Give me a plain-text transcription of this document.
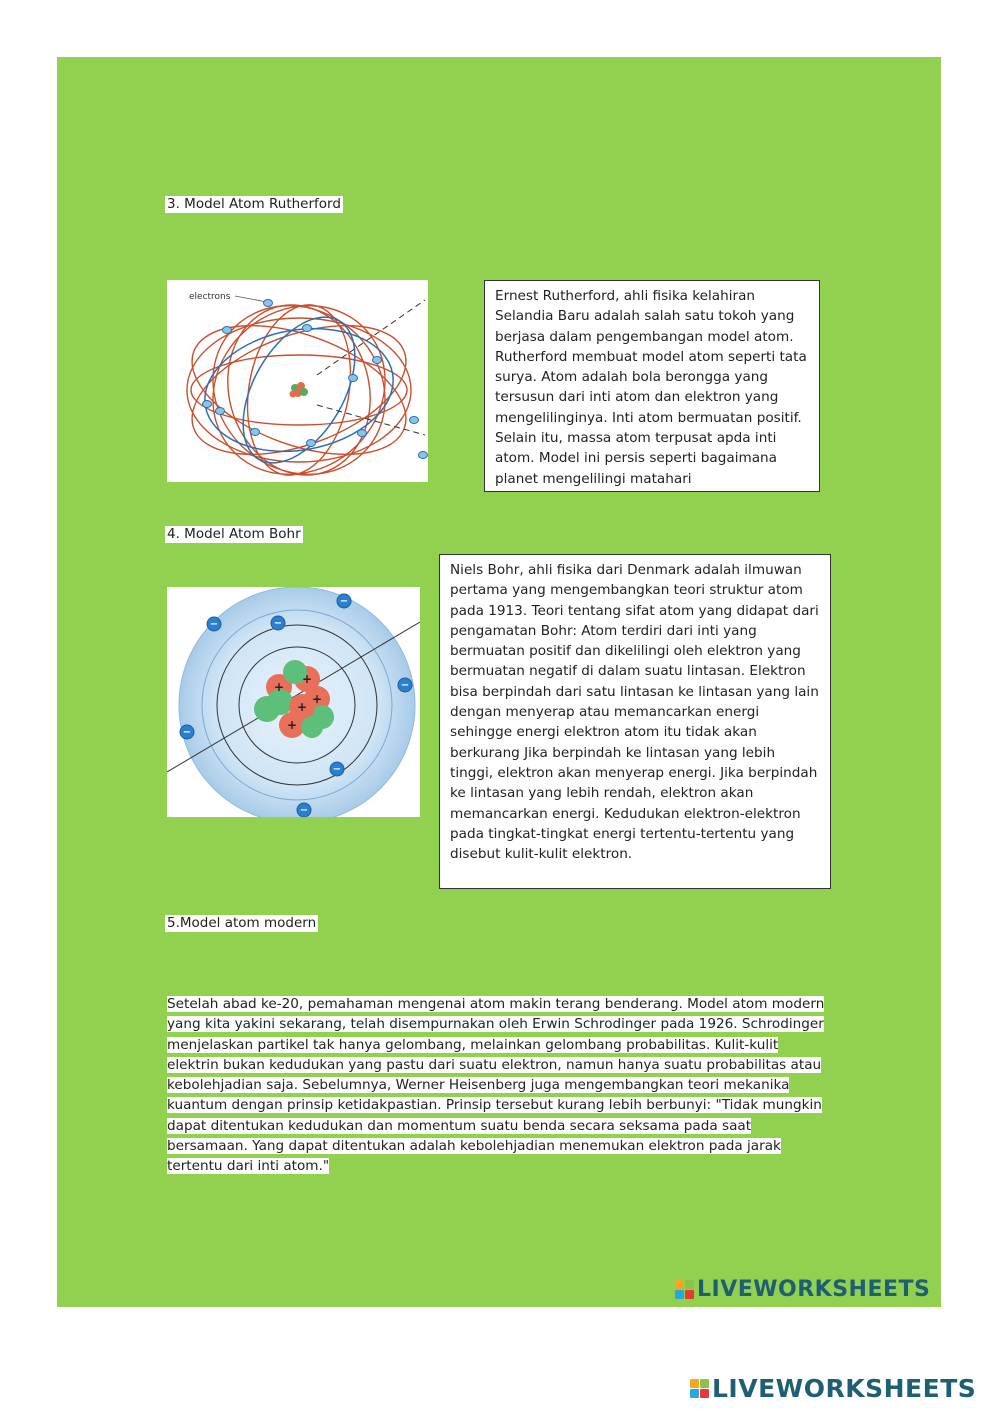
3. Model Atom Rutherford
electrons	Ernest Rutherford, ahli fisika kelahiran Selandia Baru adalah salah satu tokoh yang berjasa dalam pengembangan model atom. Rutherford membuat model atom seperti tata surya. Atom adalah bola berongga yang tersusun dari inti atom dan elektron yang mengelilinginya. Inti atom bermuatan positif. Selain itu, massa atom terpusat apda inti atom. Model ini persis seperti bagaimana planet mengelilingi matahari
4. Model Atom Bohr
+
+
+
+
+
−	−
−
−
−
−
−
Niels Bohr, ahli fisika dari Denmark adalah ilmuwan pertama yang mengembangkan teori struktur atom pada 1913. Teori tentang sifat atom yang didapat dari pengamatan Bohr: Atom terdiri dari inti yang bermuatan positif dan dikelilingi oleh elektron yang bermuatan negatif di dalam suatu lintasan. Elektron bisa berpindah dari satu lintasan ke lintasan yang lain dengan menyerap atau memancarkan energi sehingge energi elektron atom itu tidak akan berkurang Jika berpindah ke lintasan yang lebih tinggi, elektron akan menyerap energi. Jika berpindah ke lintasan yang lebih rendah, elektron akan memancarkan energi. Kedudukan elektron-elektron pada tingkat-tingkat energi tertentu-tertentu yang disebut kulit-kulit elektron.
5.Model atom modern
Setelah abad ke-20, pemahaman mengenai atom makin terang benderang. Model atom modern yang kita yakini sekarang, telah disempurnakan oleh Erwin Schrodinger pada 1926. Schrodinger menjelaskan partikel tak hanya gelombang, melainkan gelombang probabilitas. Kulit-kulit elektrin bukan kedudukan yang pastu dari suatu elektron, namun hanya suatu probabilitas atau kebolehjadian saja. Sebelumnya, Werner Heisenberg juga mengembangkan teori mekanika kuantum dengan prinsip ketidakpastian. Prinsip tersebut kurang lebih berbunyi: "Tidak mungkin dapat ditentukan kedudukan dan momentum suatu benda secara seksama pada saat bersamaan. Yang dapat ditentukan adalah kebolehjadian menemukan elektron pada jarak tertentu dari inti atom."
LIVEWORKSHEETS
LIVEWORKSHEETS
